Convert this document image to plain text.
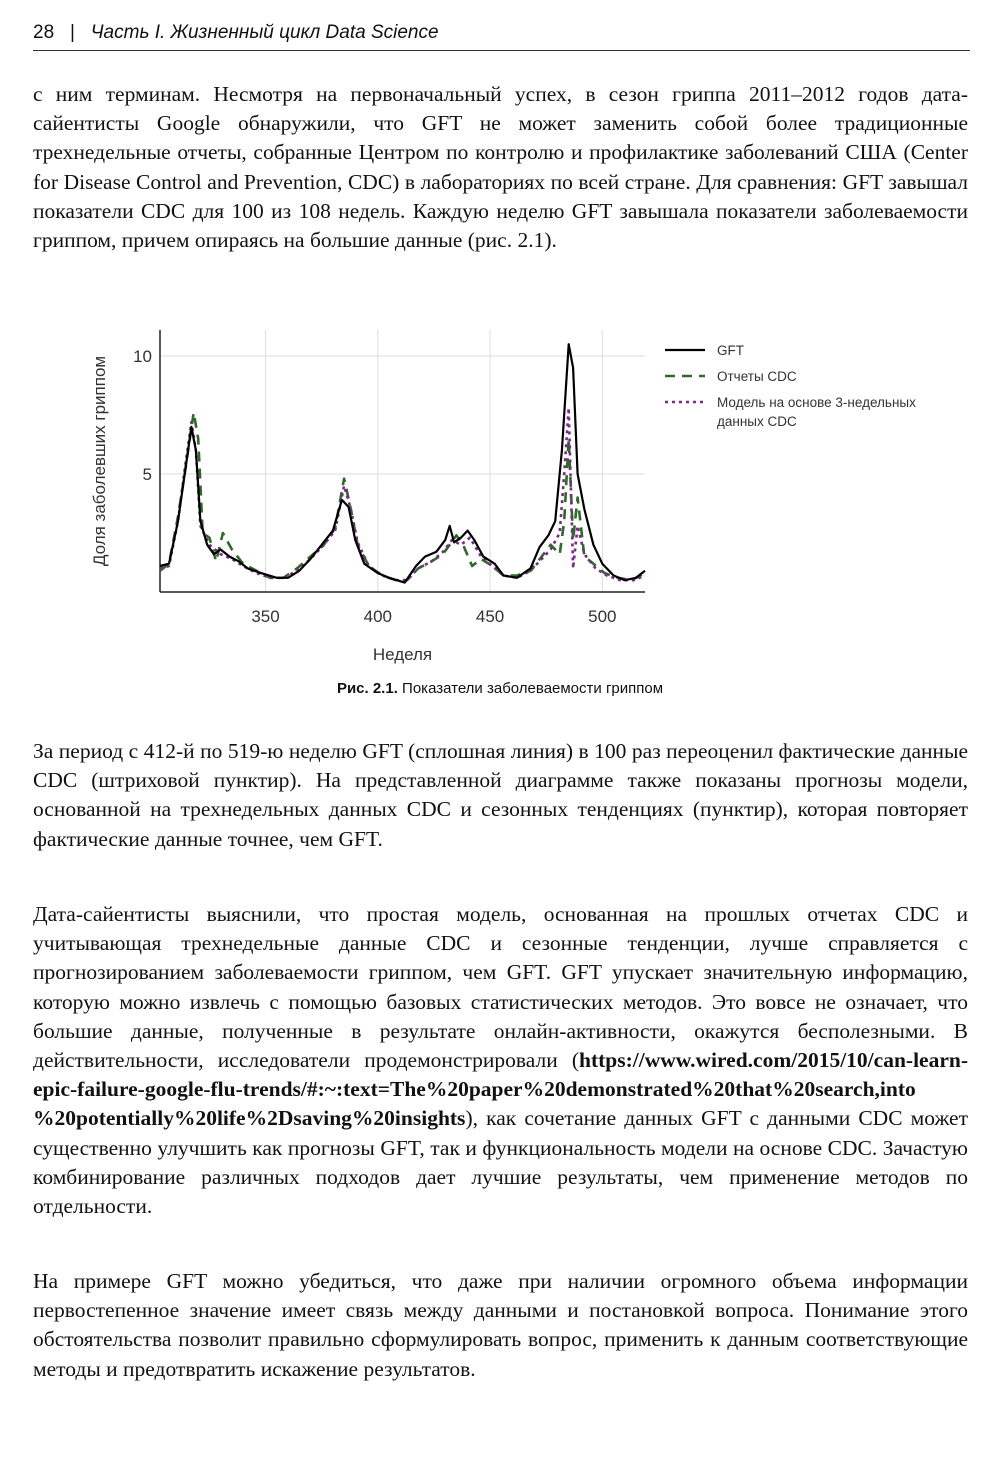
28 | Часть I. Жизненный цикл Data Science

с ним терминам. Несмотря на первоначальный успех, в сезон гриппа 2011–2012 годов дата-сайентисты Google обнаружили, что GFT не может заменить собой более традиционные трехнедельные отчеты, собранные Центром по контролю и профилактике заболеваний США (Center for Disease Control and Prevention, CDC) в лабораториях по всей стране. Для сравнения: GFT завышал показатели CDC для 100 из 108 недель. Каждую неделю GFT завышала показатели заболеваемости гриппом, причем опираясь на большие данные (рис. 2.1).

350	400	450	500
5
10
Неделя
Доля заболевших гриппом
GFT
Отчеты CDC
Модель на основе 3-недельных
данных CDC
Рис. 2.1. Показатели заболеваемости гриппом

За период с 412-й по 519-ю неделю GFT (сплошная линия) в 100 раз переоценил фактические данные CDC (штриховой пунктир). На представленной диаграмме также показаны прогнозы модели, основанной на трехнедельных данных CDC и сезонных тенденциях (пунктир), которая повторяет фактические данные точнее, чем GFT.

Дата-сайентисты выяснили, что простая модель, основанная на прошлых отчетах CDC и учитывающая трехнедельные данные CDC и сезонные тенденции, лучше справляется с прогнозированием заболеваемости гриппом, чем GFT. GFT упускает значительную информацию, которую можно извлечь с помощью базовых статистических методов. Это вовсе не означает, что большие данные, полученные в результате онлайн-активности, окажутся бесполезными. В действительности, исследователи продемонстрировали (https://www.wired.com/2015/10/can-learn-epic-failure-google-flu-trends/#:~:text=The%20paper%20demonstrated%20that%20search,into %20potentially%20life%2Dsaving%20insights), как сочетание данных GFT с данными CDC может существенно улучшить как прогнозы GFT, так и функциональность модели на основе CDC. Зачастую комбинирование различных подходов дает лучшие результаты, чем применение методов по отдельности.

На примере GFT можно убедиться, что даже при наличии огромного объема информации первостепенное значение имеет связь между данными и постановкой вопроса. Понимание этого обстоятельства позволит правильно сформулировать вопрос, применить к данным соответствующие методы и предотвратить искажение результатов.
